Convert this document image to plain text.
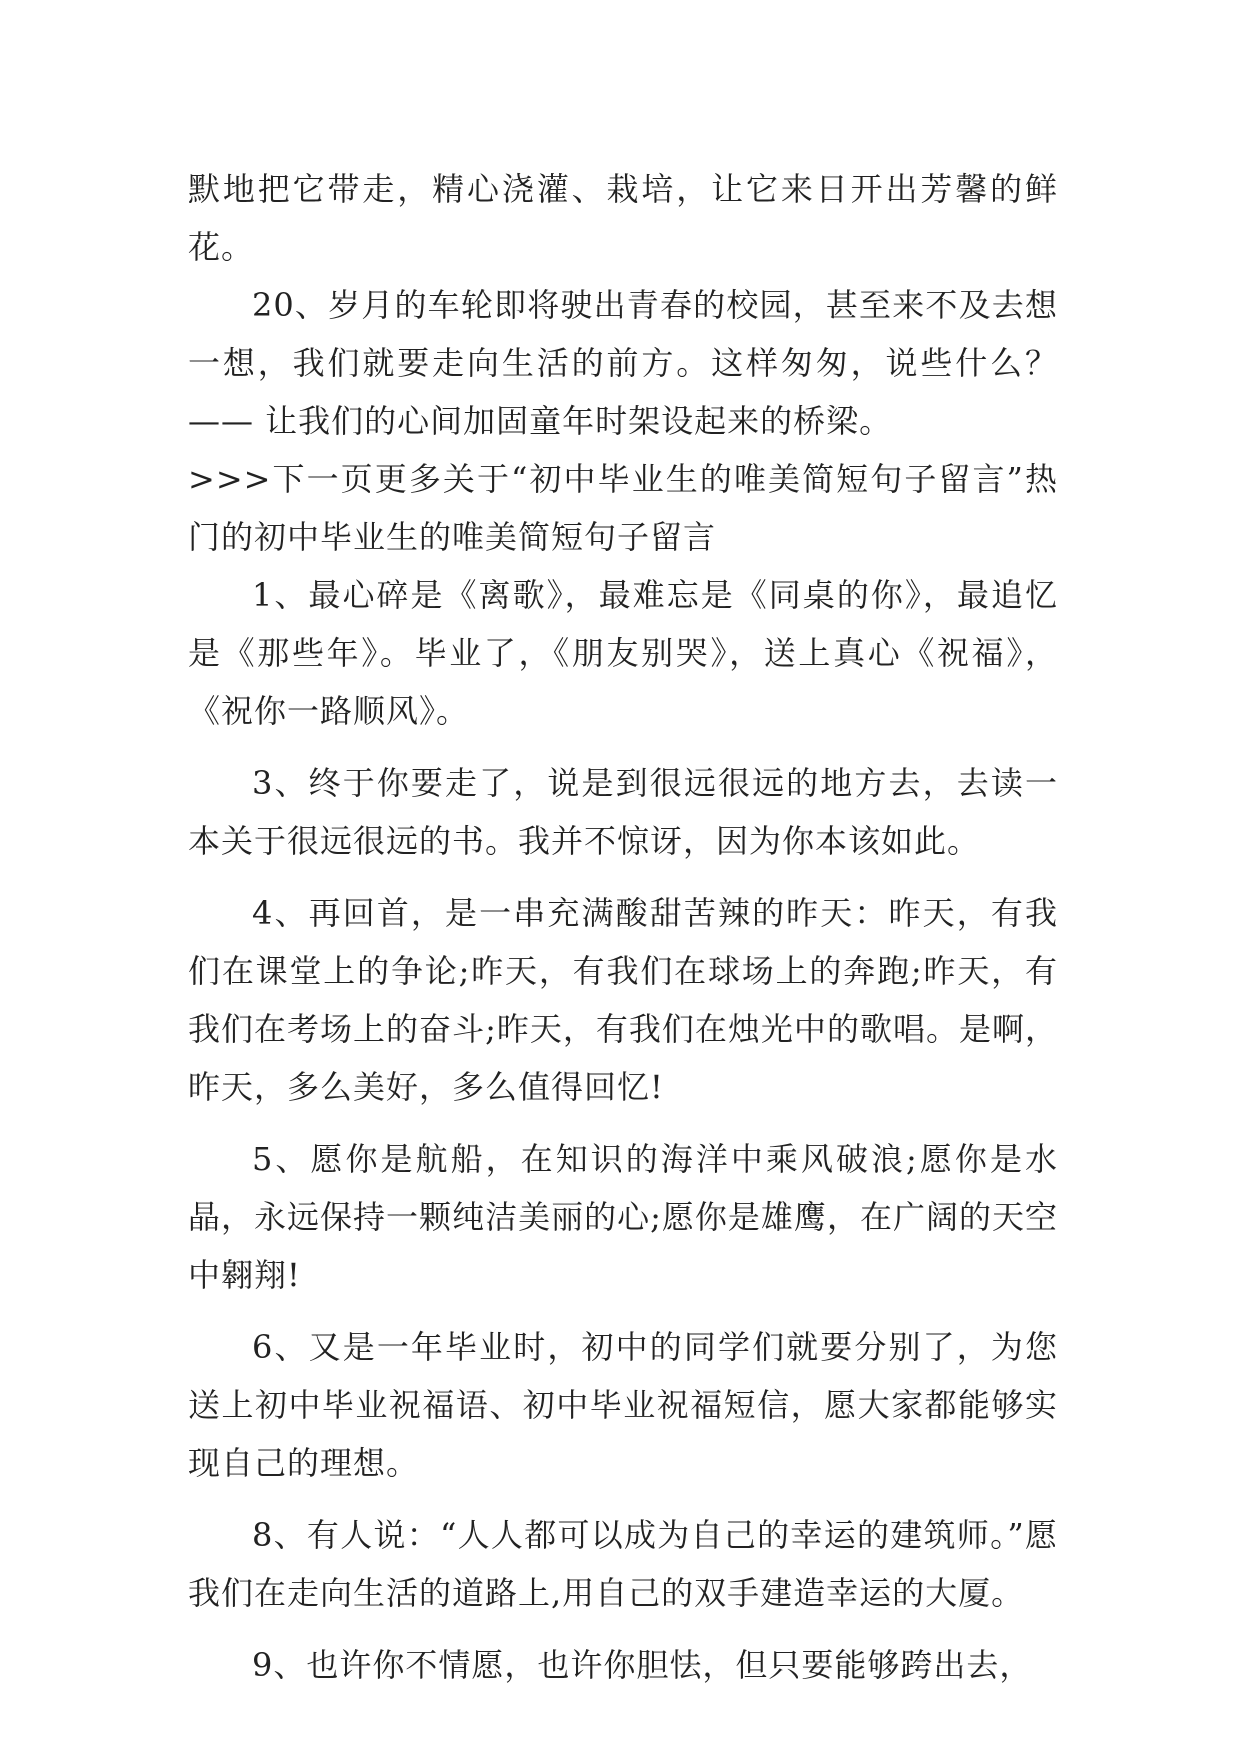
默地把它带走，精心浇灌、栽培，让它来日开出芳馨的鲜花。

20、岁月的车轮即将驶出青春的校园，甚至来不及去想一想，我们就要走向生活的前方。这样匆匆，说些什么？—— 让我们的心间加固童年时架设起来的桥梁。

>>>下一页更多关于“初中毕业生的唯美简短句子留言”热门的初中毕业生的唯美简短句子留言

1、最心碎是《离歌》，最难忘是《同桌的你》，最追忆是《那些年》。毕业了，《朋友别哭》，送上真心《祝福》，《祝你一路顺风》。

3、终于你要走了，说是到很远很远的地方去，去读一本关于很远很远的书。我并不惊讶，因为你本该如此。

4、再回首，是一串充满酸甜苦辣的昨天：昨天，有我们在课堂上的争论;昨天，有我们在球场上的奔跑;昨天，有我们在考场上的奋斗;昨天，有我们在烛光中的歌唱。是啊，昨天，多么美好，多么值得回忆!

5、愿你是航船，在知识的海洋中乘风破浪;愿你是水晶，永远保持一颗纯洁美丽的心;愿你是雄鹰，在广阔的天空中翱翔!

6、又是一年毕业时，初中的同学们就要分别了，为您送上初中毕业祝福语、初中毕业祝福短信，愿大家都能够实现自己的理想。

8、有人说：“人人都可以成为自己的幸运的建筑师。”愿我们在走向生活的道路上,用自己的双手建造幸运的大厦。

9、也许你不情愿，也许你胆怯，但只要能够跨出去，
